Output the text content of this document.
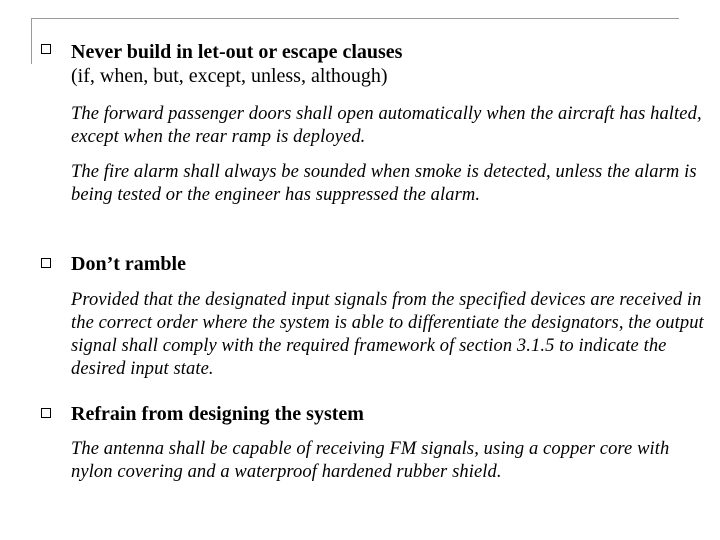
Never build in let-out or escape clauses
(if, when, but, except, unless, although)
The forward passenger doors shall open automatically when the aircraft has halted, except when the rear ramp is deployed.
The fire alarm shall always be sounded when smoke is detected, unless the alarm is being tested or the engineer has suppressed the alarm.
Don’t ramble
Provided that the designated input signals from the specified devices are received in the correct order where the system is able to differentiate the designators, the output signal shall comply with the required framework of section 3.1.5 to indicate the desired input state.
Refrain from designing the system
The antenna shall be capable of receiving FM signals, using a copper core with nylon covering and a waterproof hardened rubber shield.
